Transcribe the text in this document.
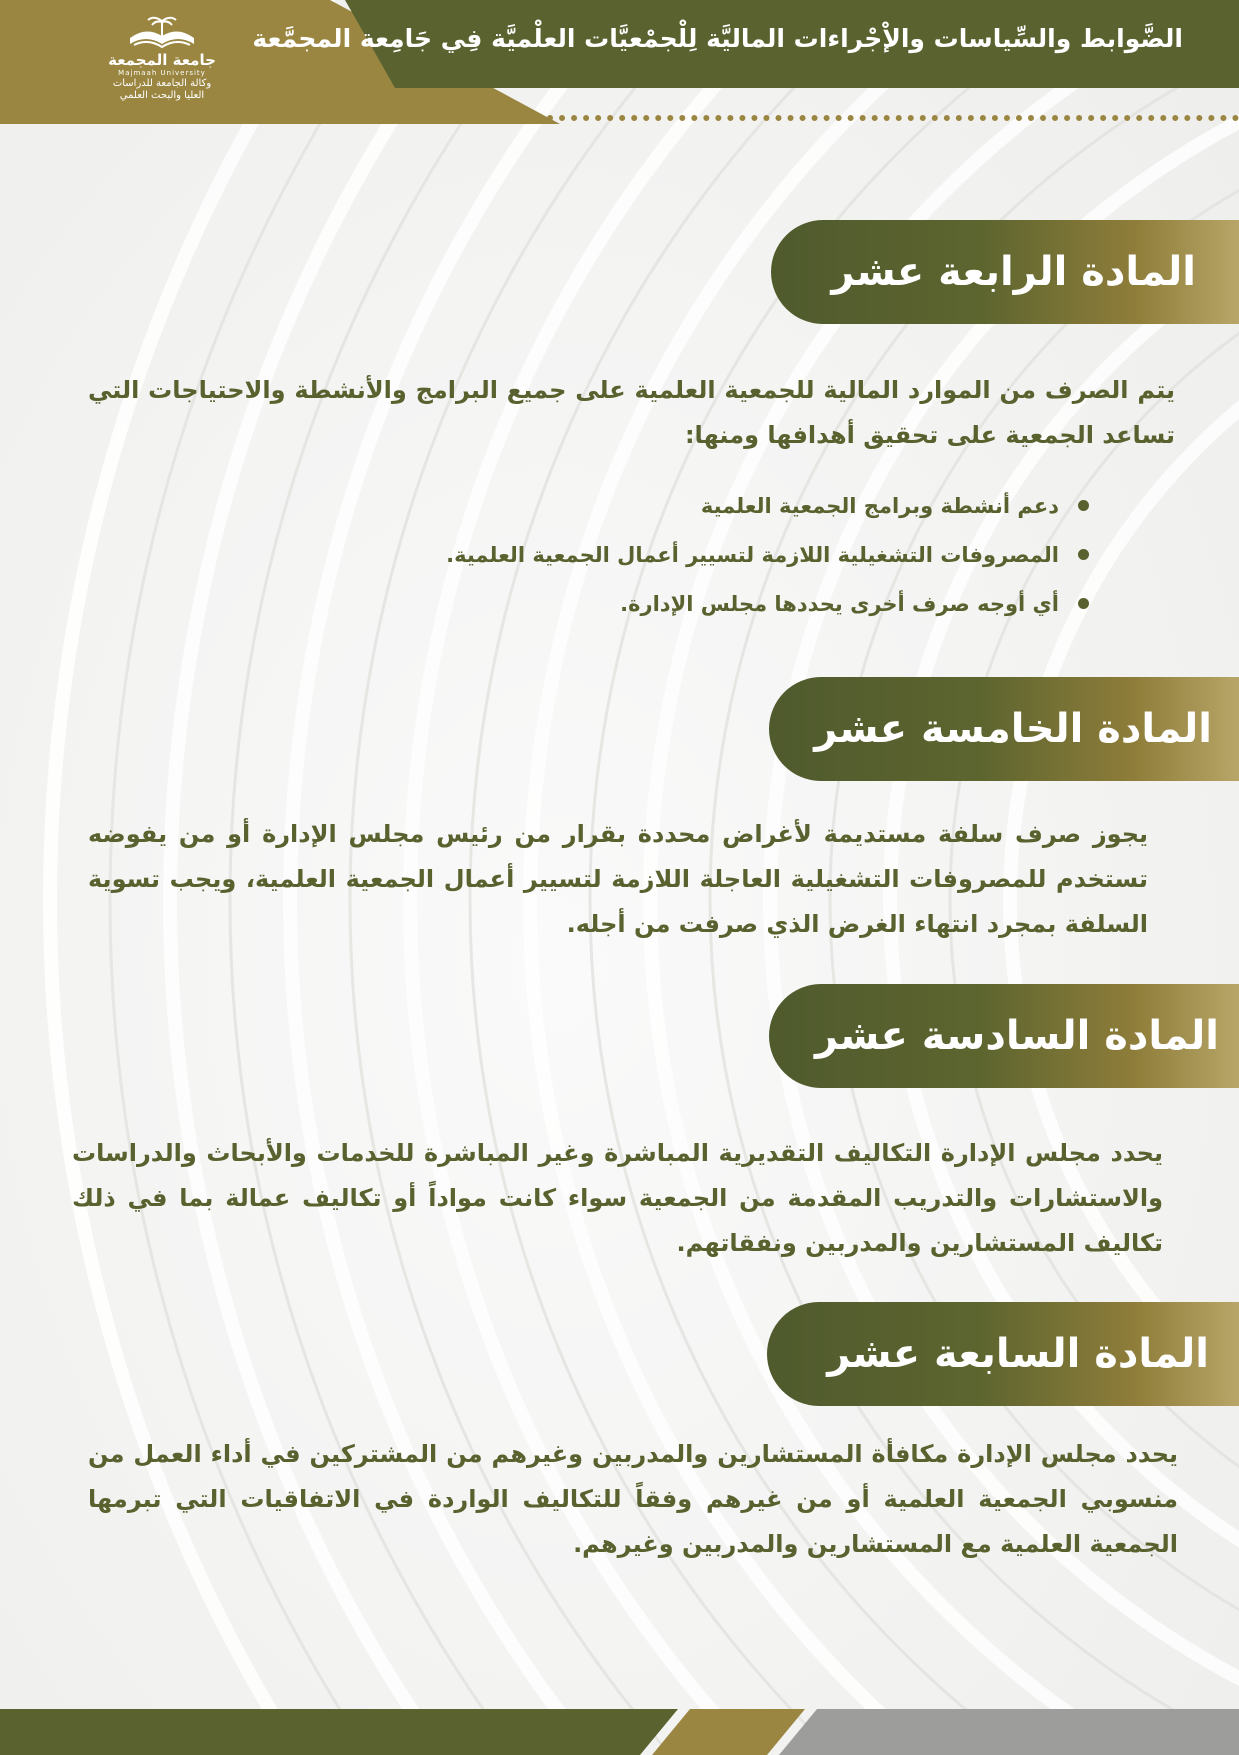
الضَّوابط والسِّياسات والإْجْراءات الماليَّة لِلْجمْعيَّات العلْميَّة فِي جَامِعة المجمَّعة
جامعة المجمعة
Majmaah University
وكالة الجامعة للدراسات
العليا والبحث العلمي
المادة الرابعة عشر
يتم الصرف من الموارد المالية للجمعية العلمية على جميع البرامج والأنشطة والاحتياجات التي تساعد الجمعية على تحقيق أهدافها ومنها:
دعم أنشطة وبرامج الجمعية العلمية
المصروفات التشغيلية اللازمة لتسيير أعمال الجمعية العلمية.
أي أوجه صرف أخرى يحددها مجلس الإدارة.
المادة الخامسة عشر
يجوز صرف سلفة مستديمة لأغراض محددة بقرار من رئيس مجلس الإدارة أو من يفوضه تستخدم للمصروفات التشغيلية العاجلة اللازمة لتسيير أعمال الجمعية العلمية، ويجب تسوية السلفة بمجرد انتهاء الغرض الذي صرفت من أجله.
المادة السادسة عشر
يحدد مجلس الإدارة التكاليف التقديرية المباشرة وغير المباشرة للخدمات والأبحاث والدراسات والاستشارات والتدريب المقدمة من الجمعية سواء كانت مواداً أو تكاليف عمالة بما في ذلك تكاليف المستشارين والمدربين ونفقاتهم.
المادة السابعة عشر
يحدد مجلس الإدارة مكافأة المستشارين والمدربين وغيرهم من المشتركين في أداء العمل من منسوبي الجمعية العلمية أو من غيرهم وفقاً للتكاليف الواردة في الاتفاقيات التي تبرمها الجمعية العلمية مع المستشارين والمدربين وغيرهم.
